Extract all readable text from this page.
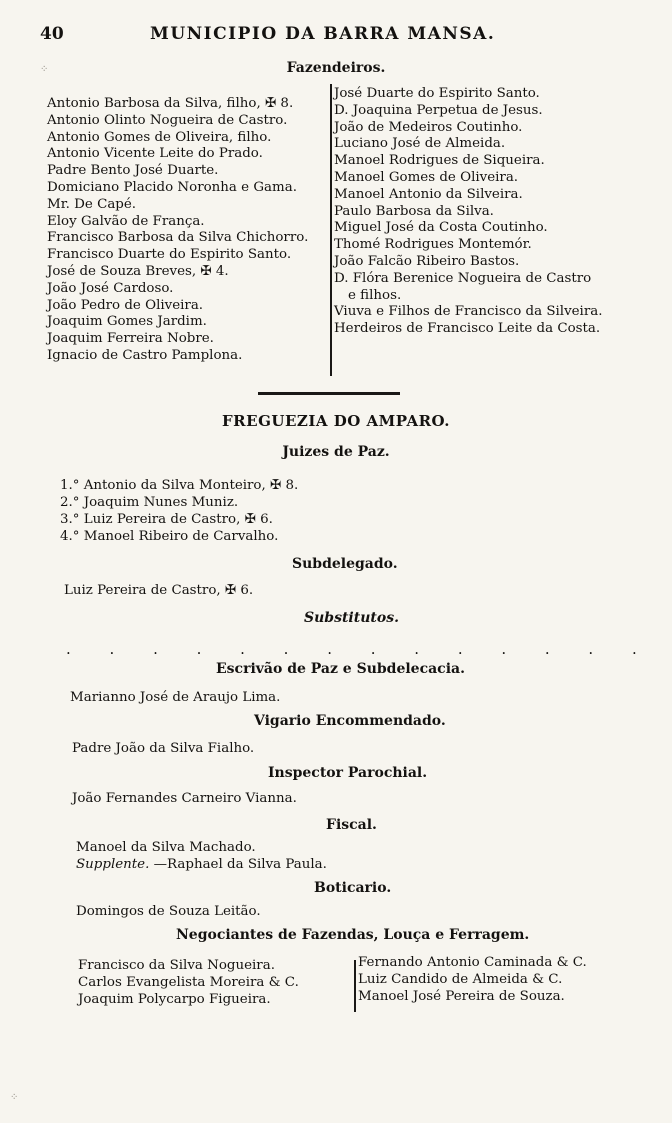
40	MUNICIPIO DA BARRA MANSA.
Fazendeiros.
Antonio Barbosa da Silva, filho, ✠ 8.
Antonio Olinto Nogueira de Castro.
Antonio Gomes de Oliveira, filho.
Antonio Vicente Leite do Prado.
Padre Bento José Duarte.
Domiciano Placido Noronha e Gama.
Mr. De Capé.
Eloy Galvão de França.
Francisco Barbosa da Silva Chichorro.
Francisco Duarte do Espirito Santo.
José de Souza Breves, ✠ 4.
João José Cardoso.
João Pedro de Oliveira.
Joaquim Gomes Jardim.
Joaquim Ferreira Nobre.
Ignacio de Castro Pamplona.
José Duarte do Espirito Santo.
D. Joaquina Perpetua de Jesus.
João de Medeiros Coutinho.
Luciano José de Almeida.
Manoel Rodrigues de Siqueira.
Manoel Gomes de Oliveira.
Manoel Antonio da Silveira.
Paulo Barbosa da Silva.
Miguel José da Costa Coutinho.
Thomé Rodrigues Montemór.
João Falcão Ribeiro Bastos.
D. Flóra Berenice Nogueira de Castro
e filhos.
Viuva e Filhos de Francisco da Silveira.
Herdeiros de Francisco Leite da Costa.
FREGUEZIA DO AMPARO.
Juizes de Paz.
1.° Antonio da Silva Monteiro, ✠ 8.
2.° Joaquim Nunes Muniz.
3.° Luiz Pereira de Castro, ✠ 6.
4.° Manoel Ribeiro de Carvalho.
Subdelegado.
Luiz Pereira de Castro, ✠ 6.
Substitutos.
. . . . . . . . . . . . . .
Escrivão de Paz e Subdelecacia.
Marianno José de Araujo Lima.
Vigario Encommendado.
Padre João da Silva Fialho.
Inspector Parochial.
João Fernandes Carneiro Vianna.
Fiscal.
Manoel da Silva Machado.
Supplente. —Raphael da Silva Paula.
Boticario.
Domingos de Souza Leitão.
Negociantes de Fazendas, Louça e Ferragem.
Francisco da Silva Nogueira.
Carlos Evangelista Moreira & C.
Joaquim Polycarpo Figueira.
Fernando Antonio Caminada & C.
Luiz Candido de Almeida & C.
Manoel José Pereira de Souza.
⁘
⁘
